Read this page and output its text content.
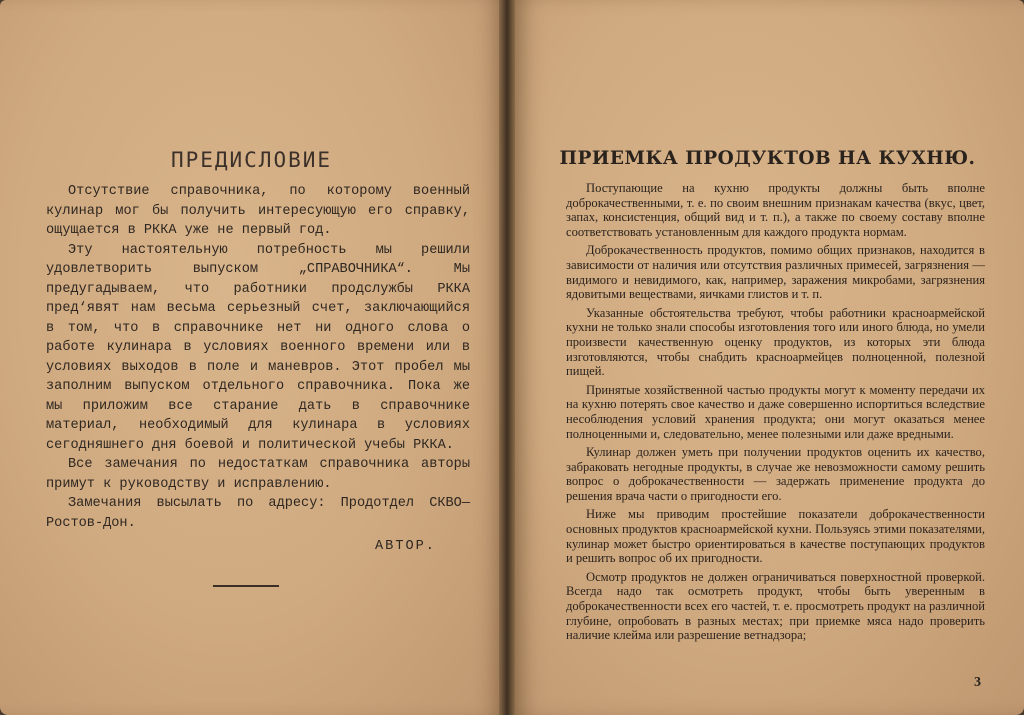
ПРЕДИСЛОВИЕ

Отсутствие справочника, по которому военный кулинар мог бы получить интересующую его справку, ощущается в РККА уже не первый год.

Эту настоятельную потребность мы решили удовлетворить выпуском „СПРАВОЧНИКА“. Мы предугадываем, что работники продслужбы РККА пред‘явят нам весьма серьезный счет, заключающийся в том, что в справочнике нет ни одного слова о работе кулинара в условиях военного времени или в условиях выходов в поле и маневров. Этот пробел мы заполним выпуском отдельного справочника. Пока же мы приложим все старание дать в справочнике материал, необходимый для кулинара в условиях сегодняшнего дня боевой и политической учебы РККА.

Все замечания по недостаткам справочника авторы примут к руководству и исправлению.

Замечания высылать по адресу: Продотдел СКВО—Ростов-Дон.

АВТОР.
ПРИЕМКА ПРОДУКТОВ НА КУХНЮ.

Поступающие на кухню продукты должны быть вполне доброкачественными, т. е. по своим внешним признакам качества (вкус, цвет, запах, консистенция, общий вид и т. п.), а также по своему составу вполне соответствовать установленным для каждого продукта нормам.

Доброкачественность продуктов, помимо общих признаков, находится в зависимости от наличия или отсутствия различных примесей, загрязнения — видимого и невидимого, как, например, заражения микробами, загрязнения ядовитыми веществами, яичками глистов и т. п.

Указанные обстоятельства требуют, чтобы работники красноармейской кухни не только знали способы изготовления того или иного блюда, но умели произвести качественную оценку продуктов, из которых эти блюда изготовляются, чтобы снабдить красноармейцев полноценной, полезной пищей.

Принятые хозяйственной частью продукты могут к моменту передачи их на кухню потерять свое качество и даже совершенно испортиться вследствие несоблюдения условий хранения продукта; они могут оказаться менее полноценными и, следовательно, менее полезными или даже вредными.

Кулинар должен уметь при получении продуктов оценить их качество, забраковать негодные продукты, в случае же невозможности самому решить вопрос о доброкачественности — задержать применение продукта до решения врача части о пригодности его.

Ниже мы приводим простейшие показатели доброкачественности основных продуктов красноармейской кухни. Пользуясь этими показателями, кулинар может быстро ориентироваться в качестве поступающих продуктов и решить вопрос об их пригодности.

Осмотр продуктов не должен ограничиваться поверхностной проверкой. Всегда надо так осмотреть продукт, чтобы быть уверенным в доброкачественности всех его частей, т. е. просмотреть продукт на различной глубине, опробовать в разных местах; при приемке мяса надо проверить наличие клейма или разрешение ветнадзора;

3
